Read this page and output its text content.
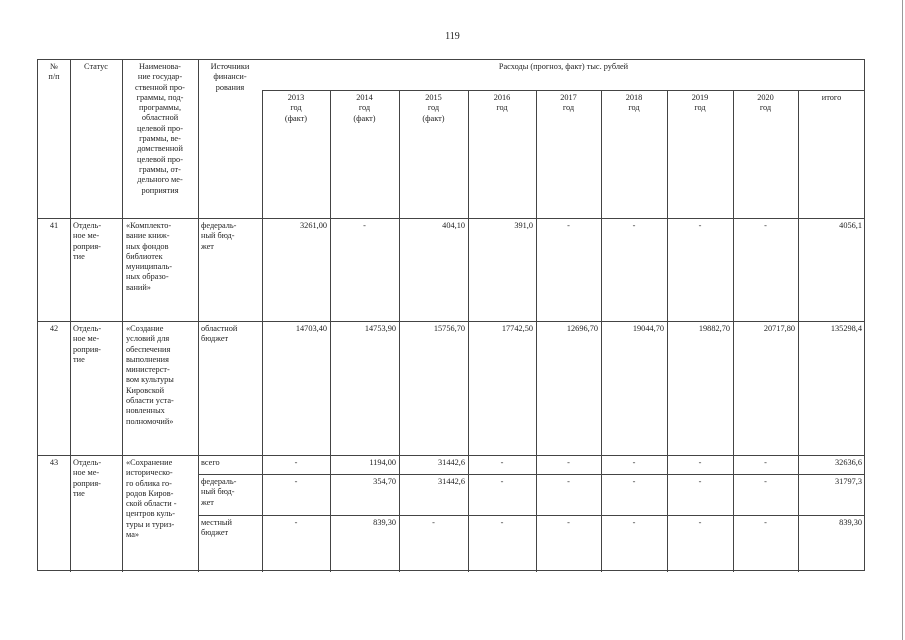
119
№
п/п
Статус	Наименова-
ние государ-
ственной про-
граммы, под-
программы,
областной
целевой про-
граммы, ве-
домственной
целевой про-
граммы, от-
дельного ме-
роприятия
Источники
финанси-
рования
Расходы (прогноз, факт) тыс. рублей
2013
год
(факт)
2014
год
(факт)
2015
год
(факт)
2016
год
2017
год
2018
год
2019
год
2020
год
итого
41	Отдель-
ное ме-
роприя-
тие
«Комплекто-
вание книж-
ных фондов
библиотек
муниципаль-
ных образо-
ваний»
федераль-
ный бюд-
жет
3261,00	-	404,10	391,0	-	-	-	-	4056,1
42	Отдель-
ное ме-
роприя-
тие
«Создание
условий для
обеспечения
выполнения
министерст-
вом культуры
Кировской
области уста-
новленных
полномочий»
областной
бюджет
14703,40	14753,90	15756,70	17742,50	12696,70	19044,70	19882,70	20717,80	135298,4
43	Отдель-
ное ме-
роприя-
тие
«Сохранение
историческо-
го облика го-
родов Киров-
ской области -
центров куль-
туры и туриз-
ма»
всего	-	1194,00	31442,6	-	-	-	-	-	32636,6
федераль-
ный бюд-
жет
-	354,70	31442,6	-	-	-	-	-	31797,3
местный
бюджет
-	839,30	-	-	-	-	-	-	839,30
